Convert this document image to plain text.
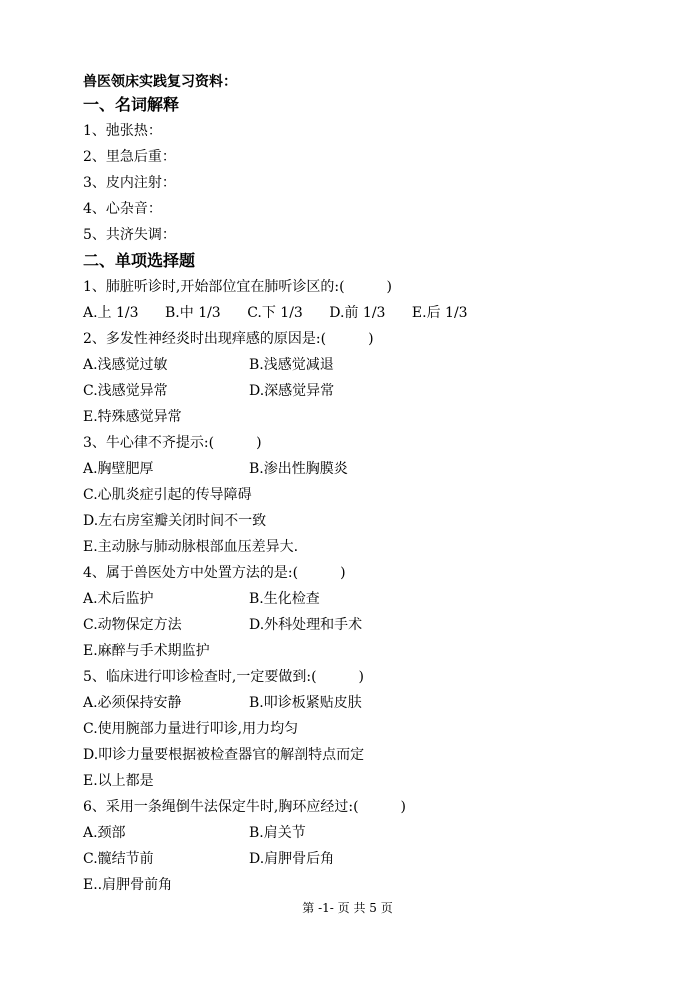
兽医领床实践复习资料：
一、名词解释
1、弛张热：
2、里急后重：
3、皮内注射：
4、心杂音：
5、共济失调：
二、单项选择题
1、肺脏听诊时,开始部位宜在肺听诊区的:(　　　)
A.上 1/3 B.中 1/3 C.下 1/3 D.前 1/3 E.后 1/3
2、多发性神经炎时出现痒感的原因是:(　　　)
A.浅感觉过敏	B.浅感觉减退
C.浅感觉异常	D.深感觉异常
E.特殊感觉异常
3、牛心律不齐提示:(　　　)
A.胸壁肥厚	B.渗出性胸膜炎
C.心肌炎症引起的传导障碍
D.左右房室瓣关闭时间不一致
E.主动脉与肺动脉根部血压差异大.
4、属于兽医处方中处置方法的是:(　　　)
A.术后监护	B.生化检查
C.动物保定方法	D.外科处理和手术
E.麻醉与手术期监护
5、临床进行叩诊检查时,一定要做到:(　　　)
A.必须保持安静	B.叩诊板紧贴皮肤
C.使用腕部力量进行叩诊,用力均匀
D.叩诊力量要根据被检查器官的解剖特点而定
E.以上都是
6、采用一条绳倒牛法保定牛时,胸环应经过:(　　　)
A.颈部	B.肩关节
C.髋结节前	D.肩胛骨后角
E..肩胛骨前角
第 -1- 页 共 5 页
